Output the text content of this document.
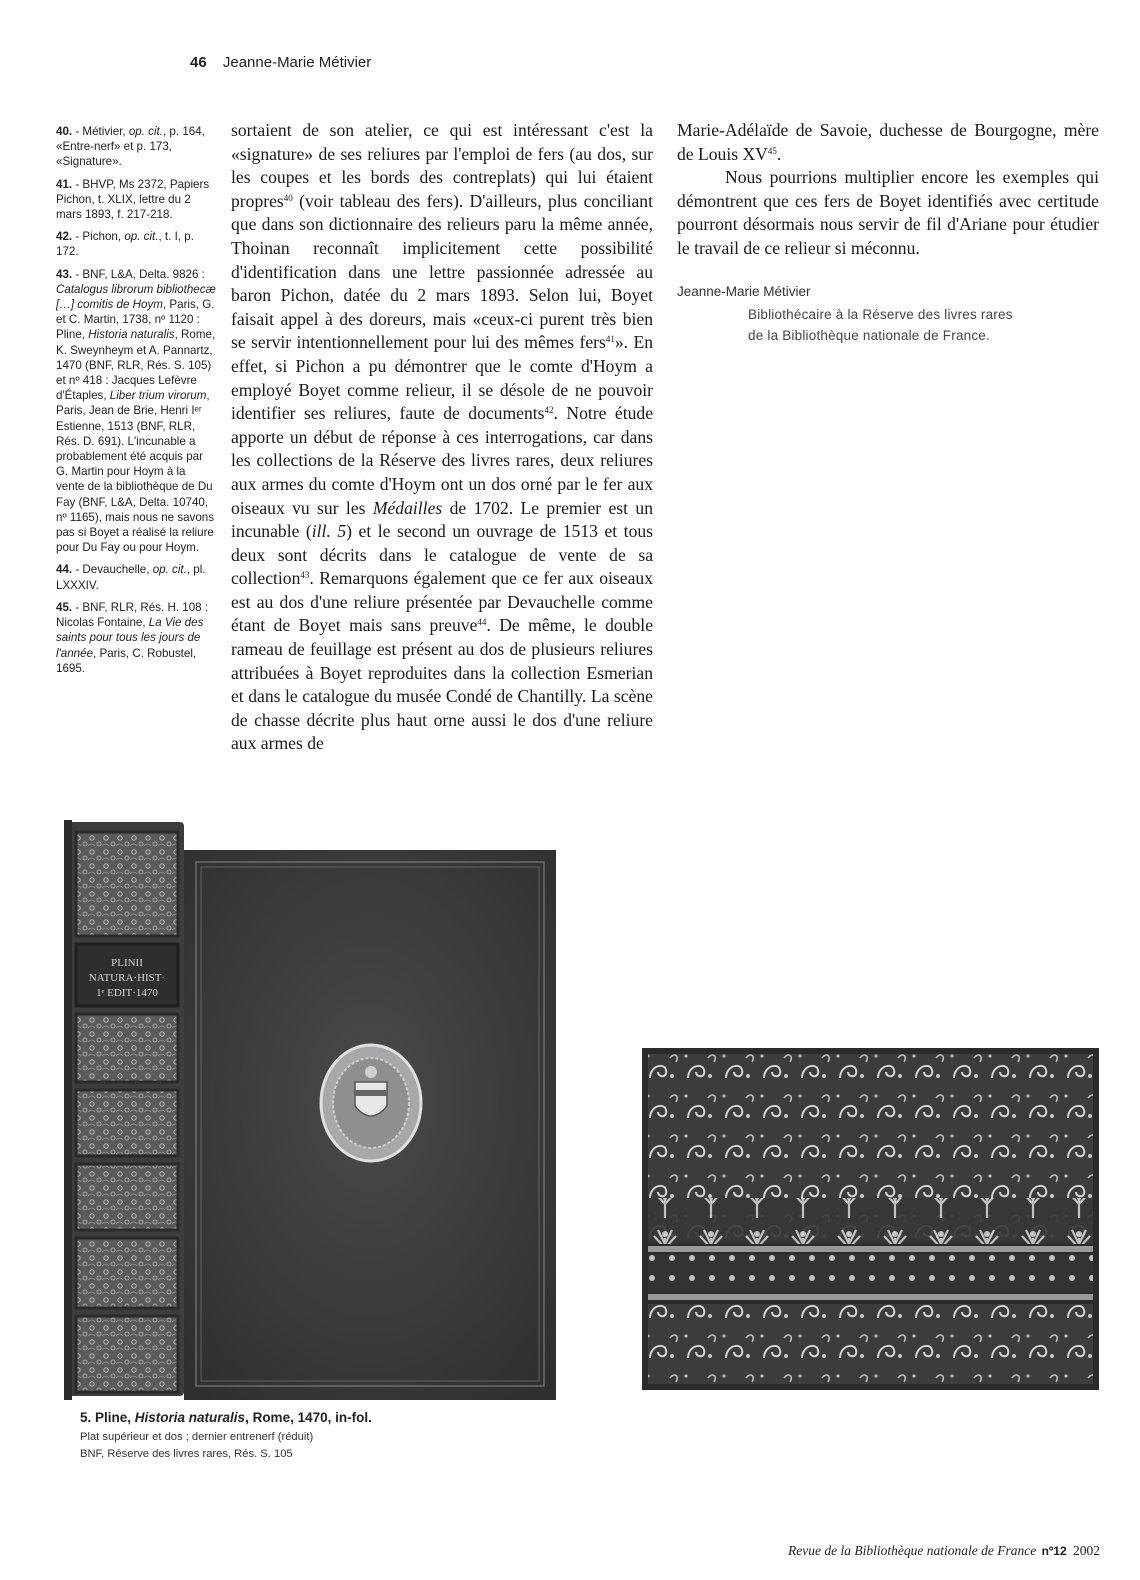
46 Jeanne-Marie Métivier
40. - Métivier, op. cit., p. 164, «Entre-nerf» et p. 173, «Signature».
41. - BHVP, Ms 2372, Papiers Pichon, t. XLIX, lettre du 2 mars 1893, f. 217-218.
42. - Pichon, op. cit., t. I, p. 172.
43. - BNF, L&A, Delta. 9826 : Catalogus librorum bibliothecæ […] comitis de Hoym, Paris, G. et C. Martin, 1738, nº 1120 : Pline, Historia naturalis, Rome, K. Sweynheym et A. Pannartz, 1470 (BNF, RLR, Rés. S. 105) et nº 418 : Jacques Lefèvre d'Étaples, Liber trium virorum, Paris, Jean de Brie, Henri Iᵉʳ Estienne, 1513 (BNF, RLR, Rés. D. 691). L'incunable a probablement été acquis par G. Martin pour Hoym à la vente de la bibliothèque de Du Fay (BNF, L&A, Delta. 10740, nº 1165), mais nous ne savons pas si Boyet a réalisé la reliure pour Du Fay ou pour Hoym.
44. - Devauchelle, op. cit., pl. LXXXIV.
45. - BNF, RLR, Rés. H. 108 : Nicolas Fontaine, La Vie des saints pour tous les jours de l'année, Paris, C. Robustel, 1695.

sortaient de son atelier, ce qui est intéressant c'est la «signature» de ses reliures par l'emploi de fers (au dos, sur les coupes et les bords des contreplats) qui lui étaient propres$^{40}$ (voir tableau des fers). D'ailleurs, plus conciliant que dans son dictionnaire des relieurs paru la même année, Thoinan reconnaît implicitement cette possibilité d'identification dans une lettre passionnée adressée au baron Pichon, datée du 2 mars 1893. Selon lui, Boyet faisait appel à des doreurs, mais «ceux-ci purent très bien se servir intentionnellement pour lui des mêmes fers$^{41}$». En effet, si Pichon a pu démontrer que le comte d'Hoym a employé Boyet comme relieur, il se désole de ne pouvoir identifier ses reliures, faute de documents$^{42}$. Notre étude apporte un début de réponse à ces interrogations, car dans les collections de la Réserve des livres rares, deux reliures aux armes du comte d'Hoym ont un dos orné par le fer aux oiseaux vu sur les Médailles de 1702. Le premier est un incunable (ill. 5) et le second un ouvrage de 1513 et tous deux sont décrits dans le catalogue de vente de sa collection$^{43}$. Remarquons également que ce fer aux oiseaux est au dos d'une reliure présentée par Devauchelle comme étant de Boyet mais sans preuve$^{44}$. De même, le double rameau de feuillage est présent au dos de plusieurs reliures attribuées à Boyet reproduites dans la collection Esmerian et dans le catalogue du musée Condé de Chantilly. La scène de chasse décrite plus haut orne aussi le dos d'une reliure aux armes de

Marie-Adélaïde de Savoie, duchesse de Bourgogne, mère de Louis XV$^{45}$.

Nous pourrions multiplier encore les exemples qui démontrent que ces fers de Boyet identifiés avec certitude pourront désormais nous servir de fil d'Ariane pour étudier le travail de ce relieur si méconnu.

Jeanne-Marie Métivier
Bibliothécaire à la Réserve des livres rares
de la Bibliothèque nationale de France.
PLINII
NATURA·HIST·
1ᵉ EDIT·1470
5. Pline, Historia naturalis, Rome, 1470, in-fol.
Plat supérieur et dos ; dernier entrenerf (réduit)
BNF, Réserve des livres rares, Rés. S. 105
Revue de la Bibliothèque nationale de France nº12 2002
